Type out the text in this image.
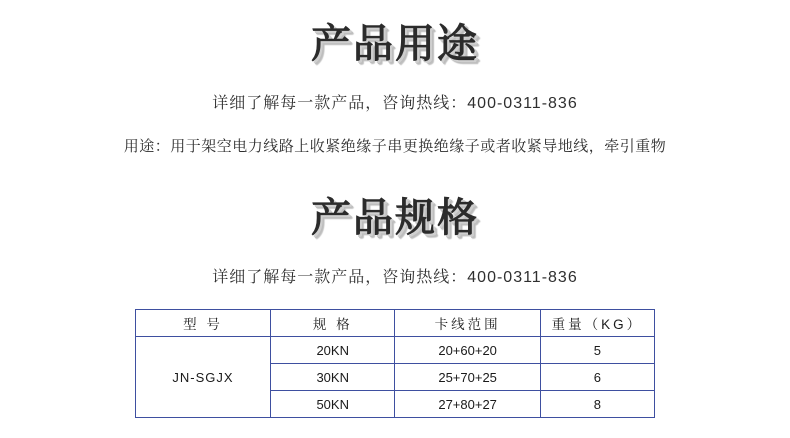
产品用途
详细了解每一款产品，咨询热线：400-0311-836
用途：用于架空电力线路上收紧绝缘子串更换绝缘子或者收紧导地线，牵引重物
产品规格
详细了解每一款产品，咨询热线：400-0311-836
型 号	规 格	卡线范围	重量（KG）
JN-SGJX	20KN	20+60+20	5
	30KN	25+70+25	6
	50KN	27+80+27	8
